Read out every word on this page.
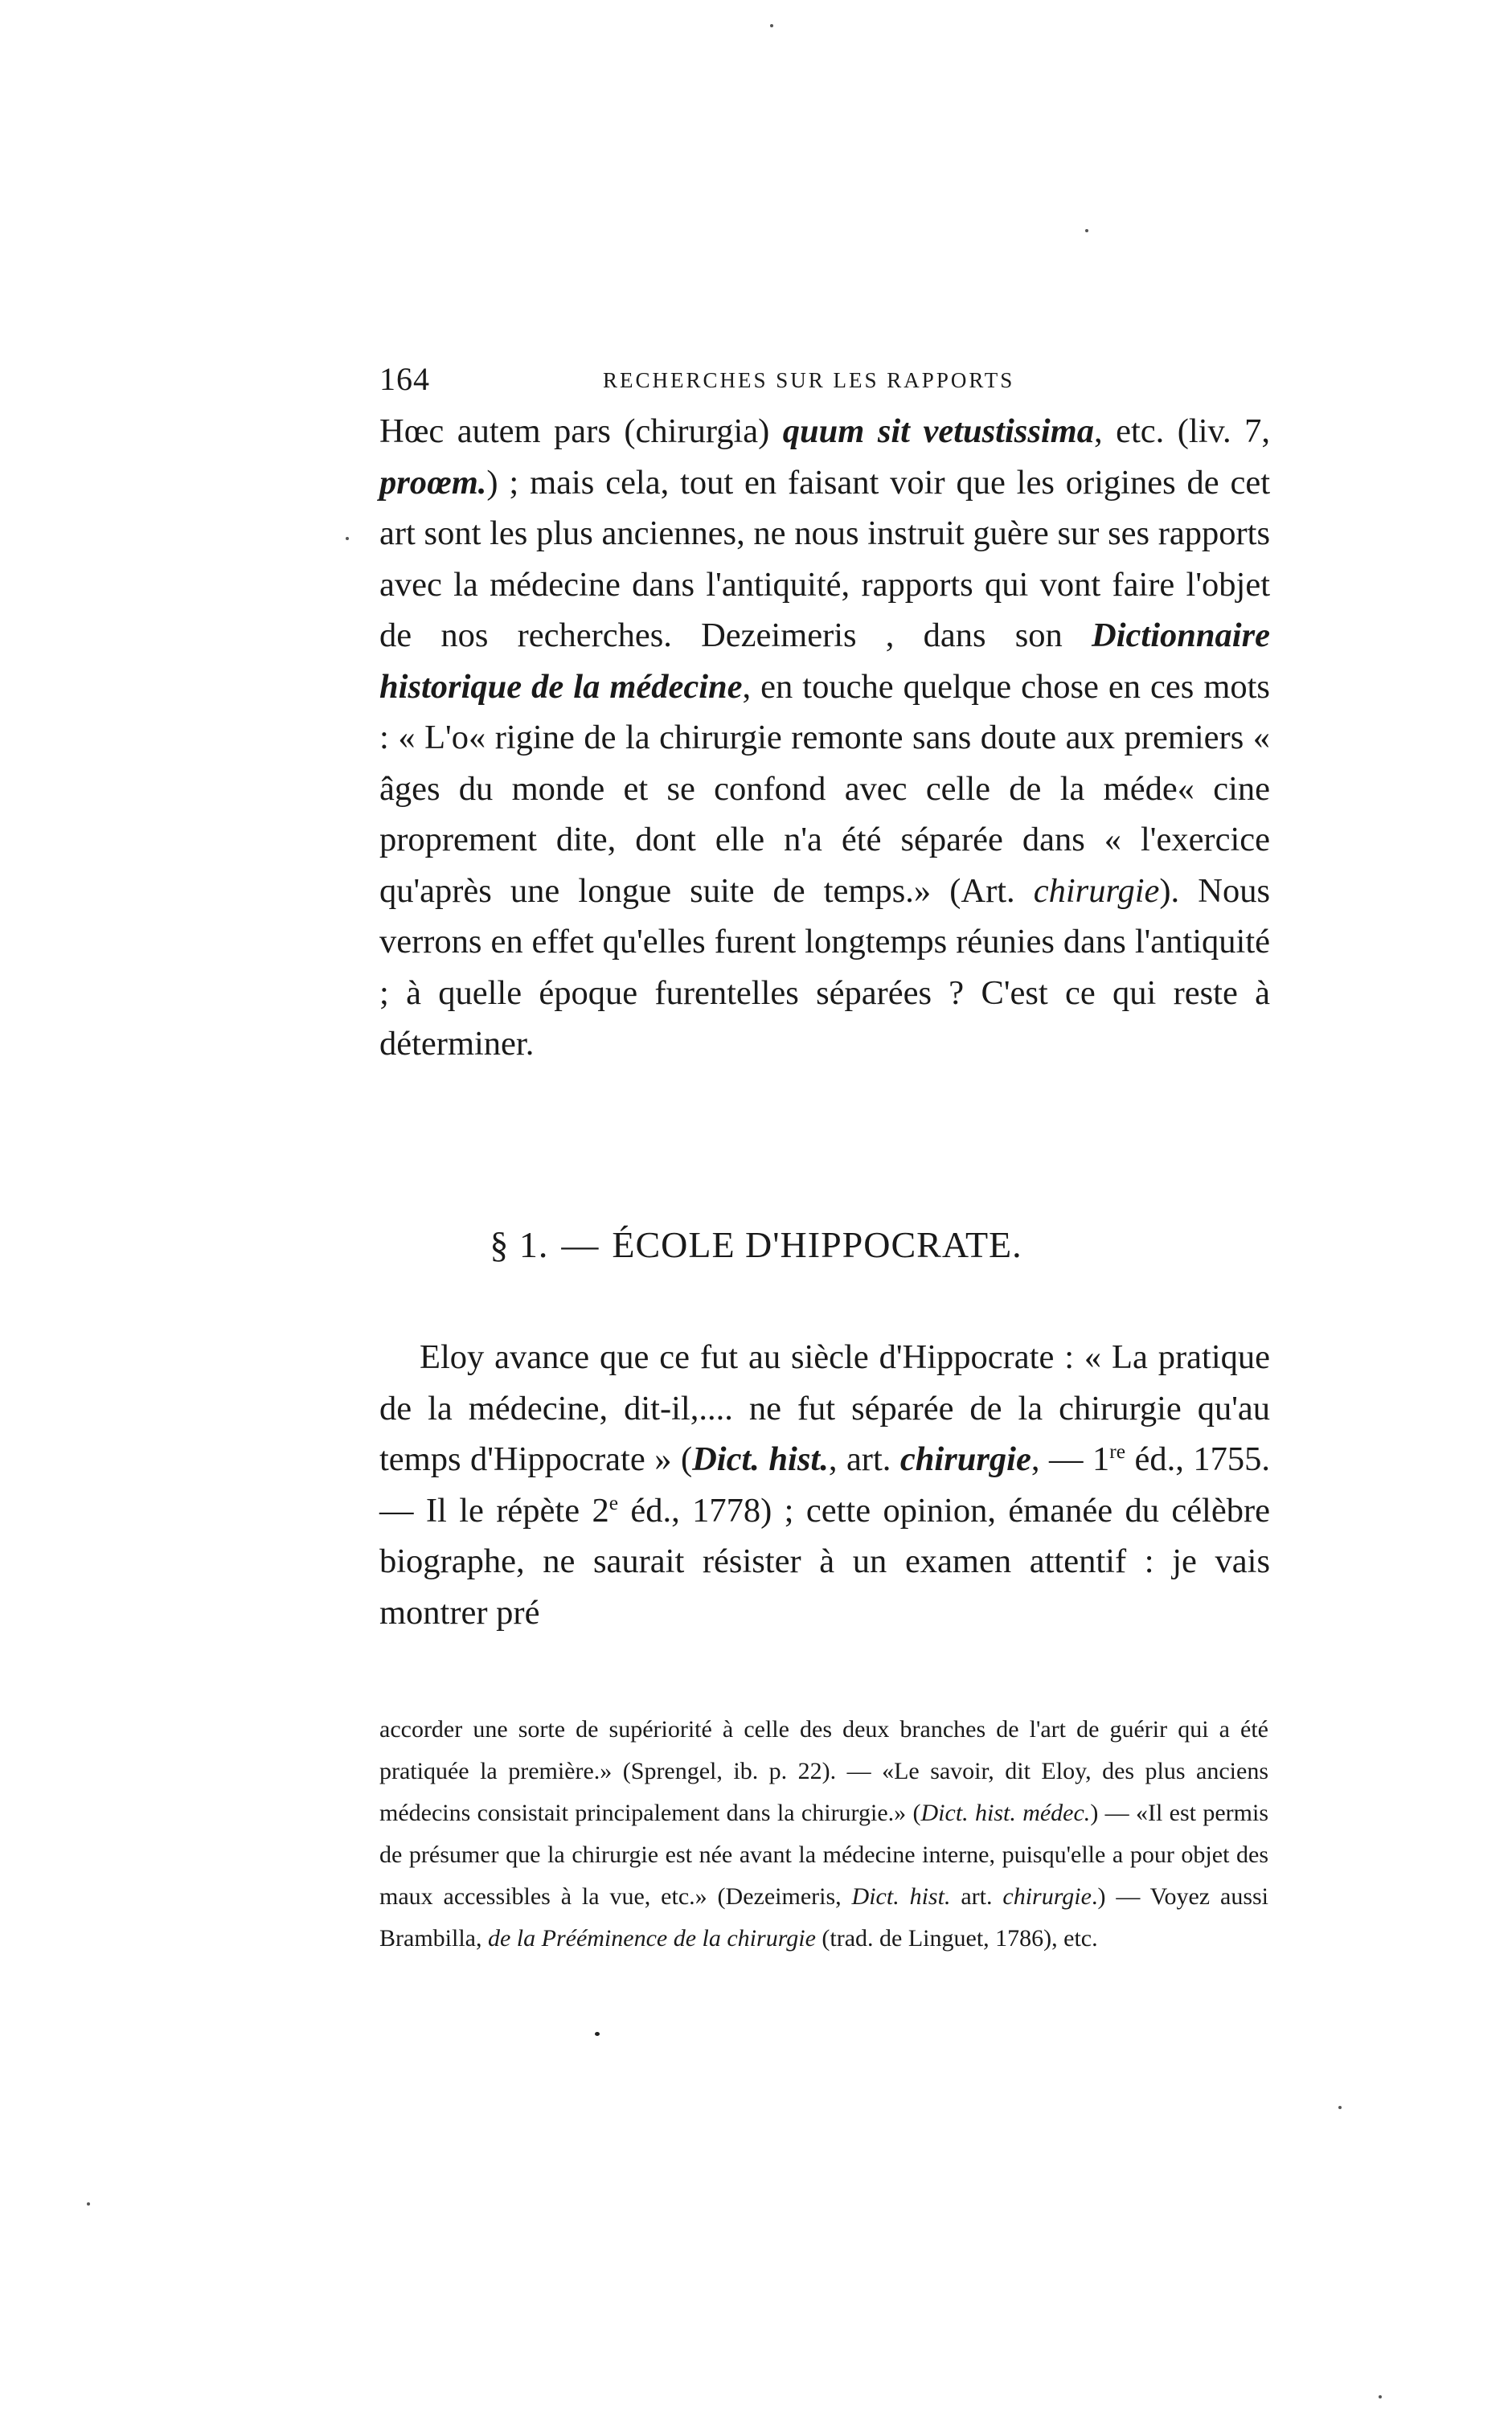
164	RECHERCHES SUR LES RAPPORTS

Hœc autem pars (chirurgia) quum sit vetustissima, etc. (liv. 7, proœm.) ; mais cela, tout en faisant voir que les origines de cet art sont les plus anciennes, ne nous instruit guère sur ses rapports avec la médecine dans l'antiquité, rapports qui vont faire l'objet de nos recherches. Dezeimeris , dans son Dictionnaire historique de la médecine, en touche quelque chose en ces mots : « L'o« rigine de la chirurgie remonte sans doute aux premiers « âges du monde et se confond avec celle de la méde« cine proprement dite, dont elle n'a été séparée dans « l'exercice qu'après une longue suite de temps.» (Art. chirurgie). Nous verrons en effet qu'elles furent longtemps réunies dans l'antiquité ; à quelle époque furentelles séparées ? C'est ce qui reste à déterminer.

§ 1. — ÉCOLE D'HIPPOCRATE.

Eloy avance que ce fut au siècle d'Hippocrate : « La pratique de la médecine, dit-il,.... ne fut séparée de la chirurgie qu'au temps d'Hippocrate » (Dict. hist., art. chirurgie, — 1re éd., 1755. — Il le répète 2e éd., 1778) ; cette opinion, émanée du célèbre biographe, ne saurait résister à un examen attentif : je vais montrer pré

accorder une sorte de supériorité à celle des deux branches de l'art de guérir qui a été pratiquée la première.» (Sprengel, ib. p. 22). — «Le savoir, dit Eloy, des plus anciens médecins consistait principalement dans la chirurgie.» (Dict. hist. médec.) — «Il est permis de présumer que la chirurgie est née avant la médecine interne, puisqu'elle a pour objet des maux accessibles à la vue, etc.» (Dezeimeris, Dict. hist. art. chirurgie.) — Voyez aussi Brambilla, de la Prééminence de la chirurgie (trad. de Linguet, 1786), etc.
